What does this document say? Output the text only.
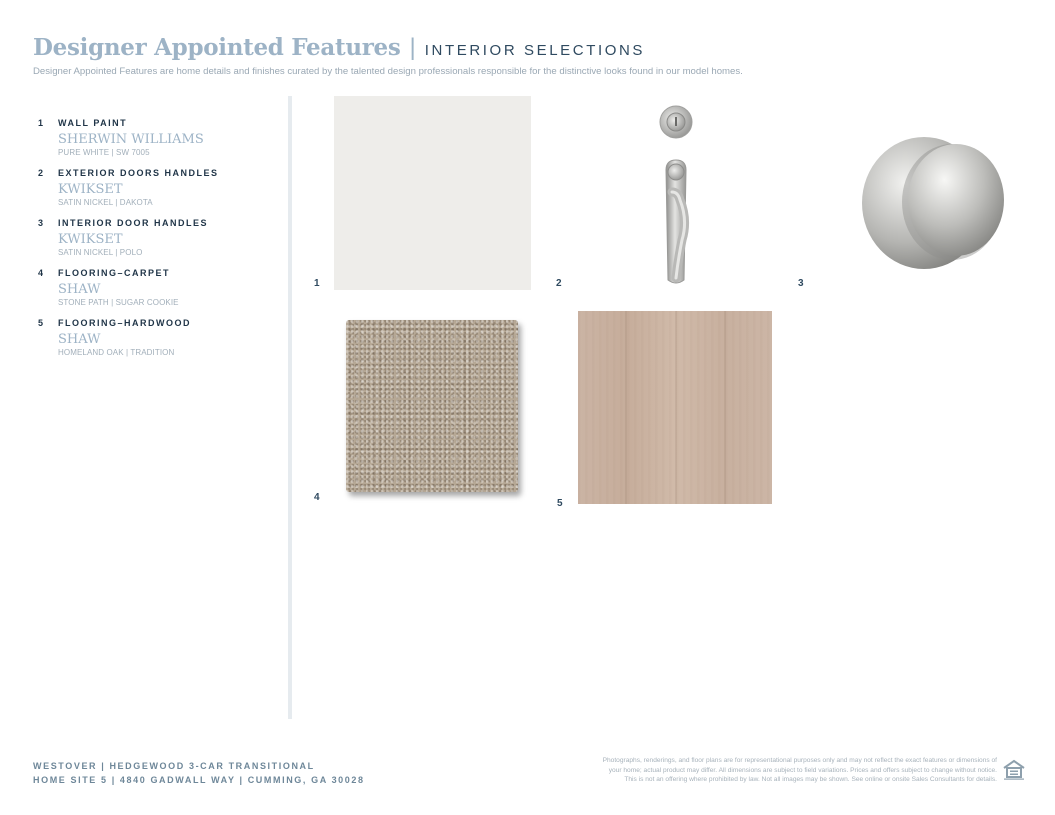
Designer Appointed Features | INTERIOR SELECTIONS
Designer Appointed Features are home details and finishes curated by the talented design professionals responsible for the distinctive looks found in our model homes.
1	WALL PAINT
SHERWIN WILLIAMS
PURE WHITE | SW 7005
2	EXTERIOR DOORS HANDLES
KWIKSET
SATIN NICKEL | DAKOTA
3	INTERIOR DOOR HANDLES
KWIKSET
SATIN NICKEL | POLO
4	FLOORING–CARPET
SHAW
STONE PATH | SUGAR COOKIE
5	FLOORING–HARDWOOD
SHAW
HOMELAND OAK | TRADITION
1	2	3
4
5
WESTOVER | HEDGEWOOD 3-CAR TRANSITIONAL
HOME SITE 5 | 4840 GADWALL WAY | CUMMING, GA 30028
Photographs, renderings, and floor plans are for representational purposes only and may not reflect the exact features or dimensions of
your home; actual product may differ. All dimensions are subject to field variations. Prices and offers subject to change without notice.
This is not an offering where prohibited by law. Not all images may be shown. See online or onsite Sales Consultants for details.
